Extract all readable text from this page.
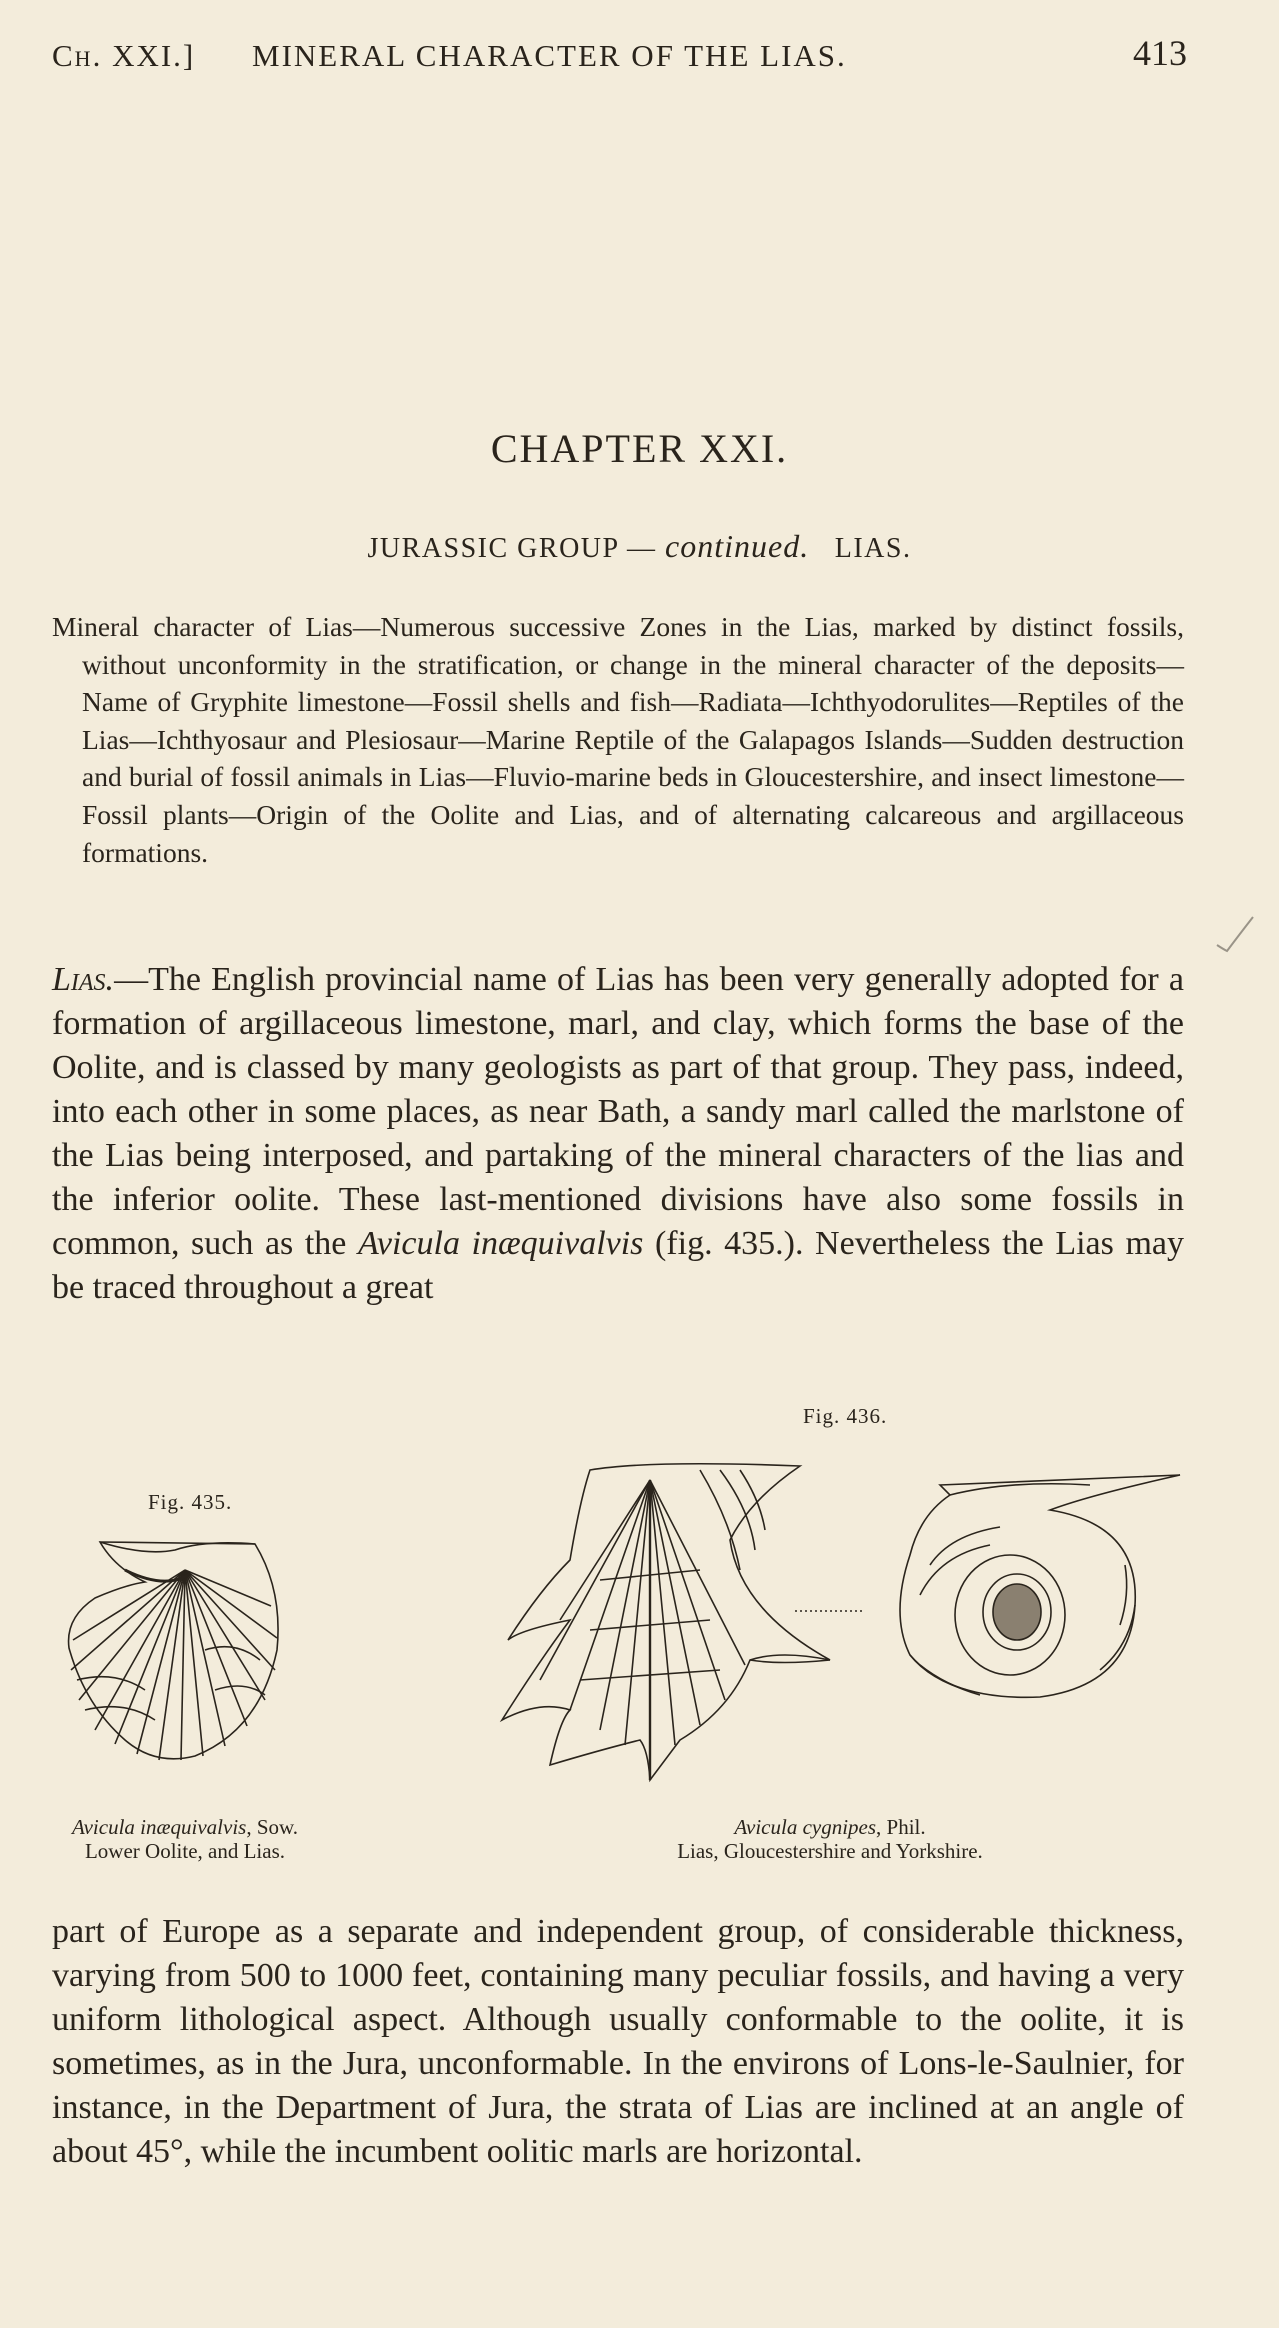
Ch. XXI.] MINERAL CHARACTER OF THE LIAS.	413
CHAPTER XXI.
JURASSIC GROUP — continued. LIAS.

Mineral character of Lias—Numerous successive Zones in the Lias, marked by distinct fossils, without unconformity in the stratification, or change in the mineral character of the deposits—Name of Gryphite limestone—Fossil shells and fish—Radiata—Ichthyodorulites—Reptiles of the Lias—Ichthyosaur and Plesiosaur—Marine Reptile of the Galapagos Islands—Sudden destruction and burial of fossil animals in Lias—Fluvio-marine beds in Gloucestershire, and insect limestone—Fossil plants—Origin of the Oolite and Lias, and of alternating calcareous and argillaceous formations.

Lias.—The English provincial name of Lias has been very generally adopted for a formation of argillaceous limestone, marl, and clay, which forms the base of the Oolite, and is classed by many geologists as part of that group. They pass, indeed, into each other in some places, as near Bath, a sandy marl called the marlstone of the Lias being interposed, and partaking of the mineral characters of the lias and the inferior oolite. These last-mentioned divisions have also some fossils in common, such as the Avicula inæquivalvis (fig. 435.). Nevertheless the Lias may be traced throughout a great

Fig. 435.
Fig. 436.
Avicula inæquivalvis, Sow.
Lower Oolite, and Lias.
Avicula cygnipes, Phil.
Lias, Gloucestershire and Yorkshire.

part of Europe as a separate and independent group, of considerable thickness, varying from 500 to 1000 feet, containing many peculiar fossils, and having a very uniform lithological aspect. Although usually conformable to the oolite, it is sometimes, as in the Jura, unconformable. In the environs of Lons-le-Saulnier, for instance, in the Department of Jura, the strata of Lias are inclined at an angle of about 45°, while the incumbent oolitic marls are horizontal.
